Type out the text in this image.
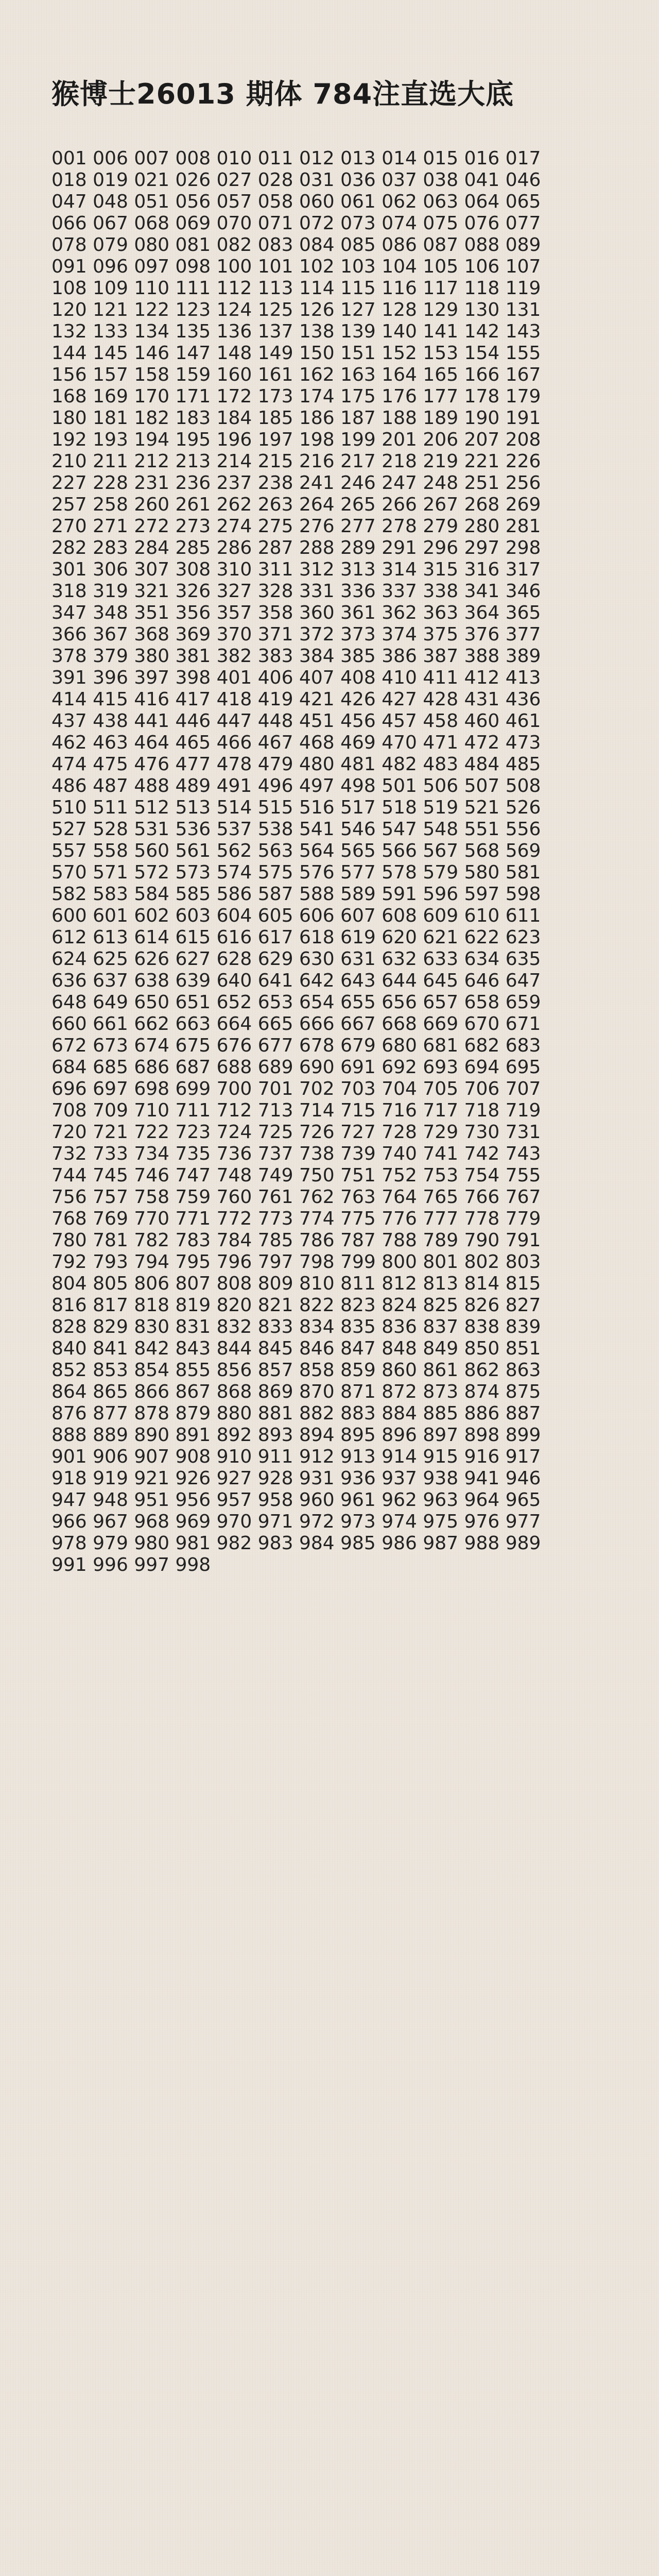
猴博士26013 期体 784注直选大底
001 006 007 008 010 011 012 013 014 015 016 017
018 019 021 026 027 028 031 036 037 038 041 046
047 048 051 056 057 058 060 061 062 063 064 065
066 067 068 069 070 071 072 073 074 075 076 077
078 079 080 081 082 083 084 085 086 087 088 089
091 096 097 098 100 101 102 103 104 105 106 107
108 109 110 111 112 113 114 115 116 117 118 119
120 121 122 123 124 125 126 127 128 129 130 131
132 133 134 135 136 137 138 139 140 141 142 143
144 145 146 147 148 149 150 151 152 153 154 155
156 157 158 159 160 161 162 163 164 165 166 167
168 169 170 171 172 173 174 175 176 177 178 179
180 181 182 183 184 185 186 187 188 189 190 191
192 193 194 195 196 197 198 199 201 206 207 208
210 211 212 213 214 215 216 217 218 219 221 226
227 228 231 236 237 238 241 246 247 248 251 256
257 258 260 261 262 263 264 265 266 267 268 269
270 271 272 273 274 275 276 277 278 279 280 281
282 283 284 285 286 287 288 289 291 296 297 298
301 306 307 308 310 311 312 313 314 315 316 317
318 319 321 326 327 328 331 336 337 338 341 346
347 348 351 356 357 358 360 361 362 363 364 365
366 367 368 369 370 371 372 373 374 375 376 377
378 379 380 381 382 383 384 385 386 387 388 389
391 396 397 398 401 406 407 408 410 411 412 413
414 415 416 417 418 419 421 426 427 428 431 436
437 438 441 446 447 448 451 456 457 458 460 461
462 463 464 465 466 467 468 469 470 471 472 473
474 475 476 477 478 479 480 481 482 483 484 485
486 487 488 489 491 496 497 498 501 506 507 508
510 511 512 513 514 515 516 517 518 519 521 526
527 528 531 536 537 538 541 546 547 548 551 556
557 558 560 561 562 563 564 565 566 567 568 569
570 571 572 573 574 575 576 577 578 579 580 581
582 583 584 585 586 587 588 589 591 596 597 598
600 601 602 603 604 605 606 607 608 609 610 611
612 613 614 615 616 617 618 619 620 621 622 623
624 625 626 627 628 629 630 631 632 633 634 635
636 637 638 639 640 641 642 643 644 645 646 647
648 649 650 651 652 653 654 655 656 657 658 659
660 661 662 663 664 665 666 667 668 669 670 671
672 673 674 675 676 677 678 679 680 681 682 683
684 685 686 687 688 689 690 691 692 693 694 695
696 697 698 699 700 701 702 703 704 705 706 707
708 709 710 711 712 713 714 715 716 717 718 719
720 721 722 723 724 725 726 727 728 729 730 731
732 733 734 735 736 737 738 739 740 741 742 743
744 745 746 747 748 749 750 751 752 753 754 755
756 757 758 759 760 761 762 763 764 765 766 767
768 769 770 771 772 773 774 775 776 777 778 779
780 781 782 783 784 785 786 787 788 789 790 791
792 793 794 795 796 797 798 799 800 801 802 803
804 805 806 807 808 809 810 811 812 813 814 815
816 817 818 819 820 821 822 823 824 825 826 827
828 829 830 831 832 833 834 835 836 837 838 839
840 841 842 843 844 845 846 847 848 849 850 851
852 853 854 855 856 857 858 859 860 861 862 863
864 865 866 867 868 869 870 871 872 873 874 875
876 877 878 879 880 881 882 883 884 885 886 887
888 889 890 891 892 893 894 895 896 897 898 899
901 906 907 908 910 911 912 913 914 915 916 917
918 919 921 926 927 928 931 936 937 938 941 946
947 948 951 956 957 958 960 961 962 963 964 965
966 967 968 969 970 971 972 973 974 975 976 977
978 979 980 981 982 983 984 985 986 987 988 989
991 996 997 998
